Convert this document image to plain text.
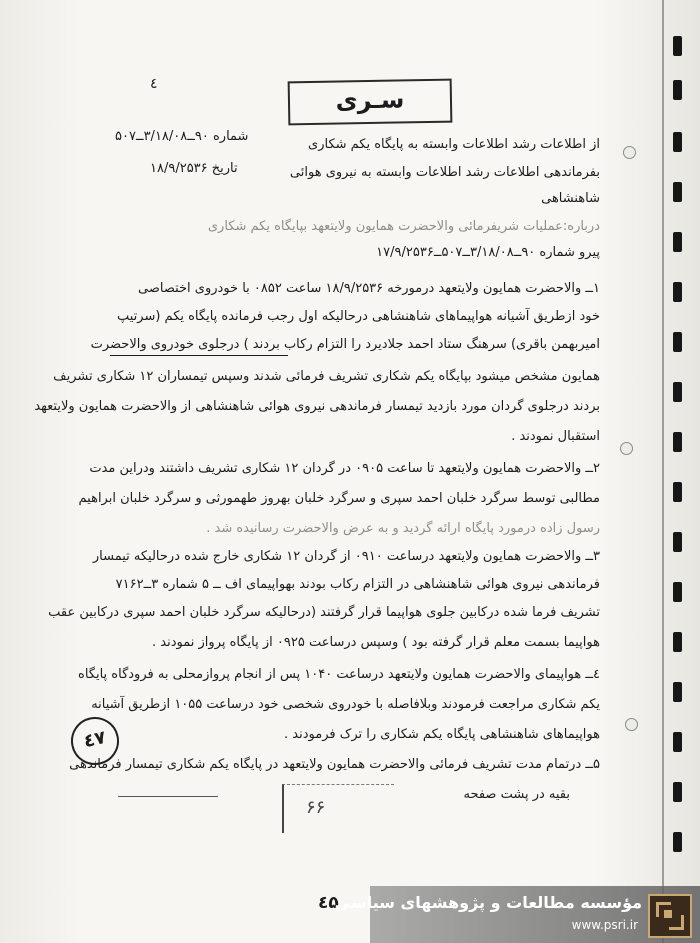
٤
سـری
از اطلاعات رشد اطلاعات وابسته به پایگاه یکم شکاری
شماره ۹۰ــ۳/۱۸/۰۸ــ۵۰۷
بفرماندهی اطلاعات رشد اطلاعات وابسته به نیروی هوائی
تاریخ ۱۸/۹/۲۵۳۶
شاهنشاهی
درباره:عملیات شریفرمائی والاحضرت همایون ولایتعهد بپایگاه یکم شکاری
پیرو شماره ۹۰ــ۳/۱۸/۰۸ــ۵۰۷ــ۱۷/۹/۲۵۳۶
۱ــ والاحضرت همایون ولایتعهد درمورخه ۱۸/۹/۲۵۳۶ ساعت ۰۸۵۲ با خودروی اختصاصی
خود ازطریق آشیانه هواپیماهای شاهنشاهی درحالیکه اول رجب فرمانده پایگاه یکم (سرتیپ
امیربهمن باقری) سرهنگ ستاد احمد جلادیرد را التزام رکاب بردند ) درجلوی خودروی والاحضرت
همایون مشخص میشود بپایگاه یکم شکاری تشریف فرمائی شدند وسپس تیمساران ۱۲ شکاری تشریف
بردند درجلوی گردان مورد بازدید تیمسار فرماندهی نیروی هوائی شاهنشاهی از والاحضرت همایون ولایتعهد
استقبال نمودند .
۲ــ والاحضرت همایون ولایتعهد تا ساعت ۰۹۰۵ در گردان ۱۲ شکاری تشریف داشتند ودراین مدت
مطالبی توسط سرگرد خلبان احمد سپری و سرگرد خلبان بهروز طهمورثی و سرگرد خلبان ابراهیم
رسول زاده درمورد پایگاه ارائه گردید و به عرض والاحضرت رسانیده شد .
۳ــ والاحضرت همایون ولایتعهد درساعت ۰۹۱۰ از گردان ۱۲ شکاری خارج شده درحالیکه تیمسار
فرماندهی نیروی هوائی شاهنشاهی در التزام رکاب بودند بهواپیمای اف ــ ۵ شماره ۳ــ۷۱۶۲
تشریف فرما شده درکابین جلوی هواپیما قرار گرفتند (درحالیکه سرگرد خلبان احمد سپری درکابین عقب
هواپیما بسمت معلم قرار گرفته بود ) وسپس درساعت ۰۹۲۵ از پایگاه پرواز نمودند .
٤ــ هواپیمای والاحضرت همایون ولایتعهد درساعت ۱۰۴۰ پس از انجام پروازمحلی به فرودگاه پایگاه
یکم شکاری مراجعت فرمودند وبلافاصله با خودروی شخصی خود درساعت ۱۰۵۵ ازطریق آشیانه
هواپیماهای شاهنشاهی پایگاه یکم شکاری را ترک فرمودند .
۵ــ درتمام مدت تشریف فرمائی والاحضرت همایون ولایتعهد در پایگاه یکم شکاری تیمسار فرماندهی
بقیه در پشت صفحه
٤٧
۶۶
٤۵
مؤسسه مطالعات و پژوهشهای سیاسی
www.psri.ir
